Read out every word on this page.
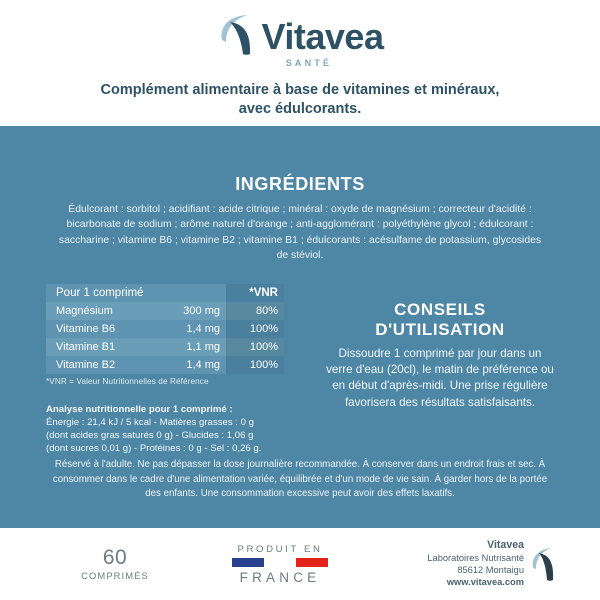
Vitavea
SANTÉ
Complément alimentaire à base de vitamines et minéraux,
avec édulcorants.
INGRÉDIENTS
Édulcorant : sorbitol ; acidifiant : acide citrique ; minéral : oxyde de magnésium ; correcteur d'acidité : bicarbonate de sodium ; arôme naturel d'orange ; anti-agglomérant : polyéthylène glycol ; édulcorant : saccharine ; vitamine B6 ; vitamine B2 ; vitamine B1 ; édulcorants : acésulfame de potassium, glycosides de stéviol.
Pour 1 comprimé		*VNR
Magnésium	300 mg	80%
Vitamine B6	1,4 mg	100%
Vitamine B1	1,1 mg	100%
Vitamine B2	1,4 mg	100%
*VNR = Valeur Nutritionnelles de Référence
Analyse nutritionnelle pour 1 comprimé :
Énergie : 21,4 kJ / 5 kcal - Matières grasses : 0 g
(dont acides gras saturés 0 g) - Glucides : 1,06 g
(dont sucres 0,01 g) - Protéines : 0 g - Sel : 0,26 g.
CONSEILS
D'UTILISATION
Dissoudre 1 comprimé par jour dans un verre d'eau (20cl), le matin de préférence ou en début d'après-midi. Une prise régulière favorisera des résultats satisfaisants.
Réservé à l'adulte. Ne pas dépasser la dose journalière recommandée. À conserver dans un endroit frais et sec. À consommer dans le cadre d'une alimentation variée, équilibrée et d'un mode de vie sain. À garder hors de la portée des enfants. Une consommation excessive peut avoir des effets laxatifs.
60
COMPRIMÉS
PRODUIT EN
FRANCE
Vitavea
Laboratoires Nutrisanté
85612 Montaigu
www.vitavea.com
